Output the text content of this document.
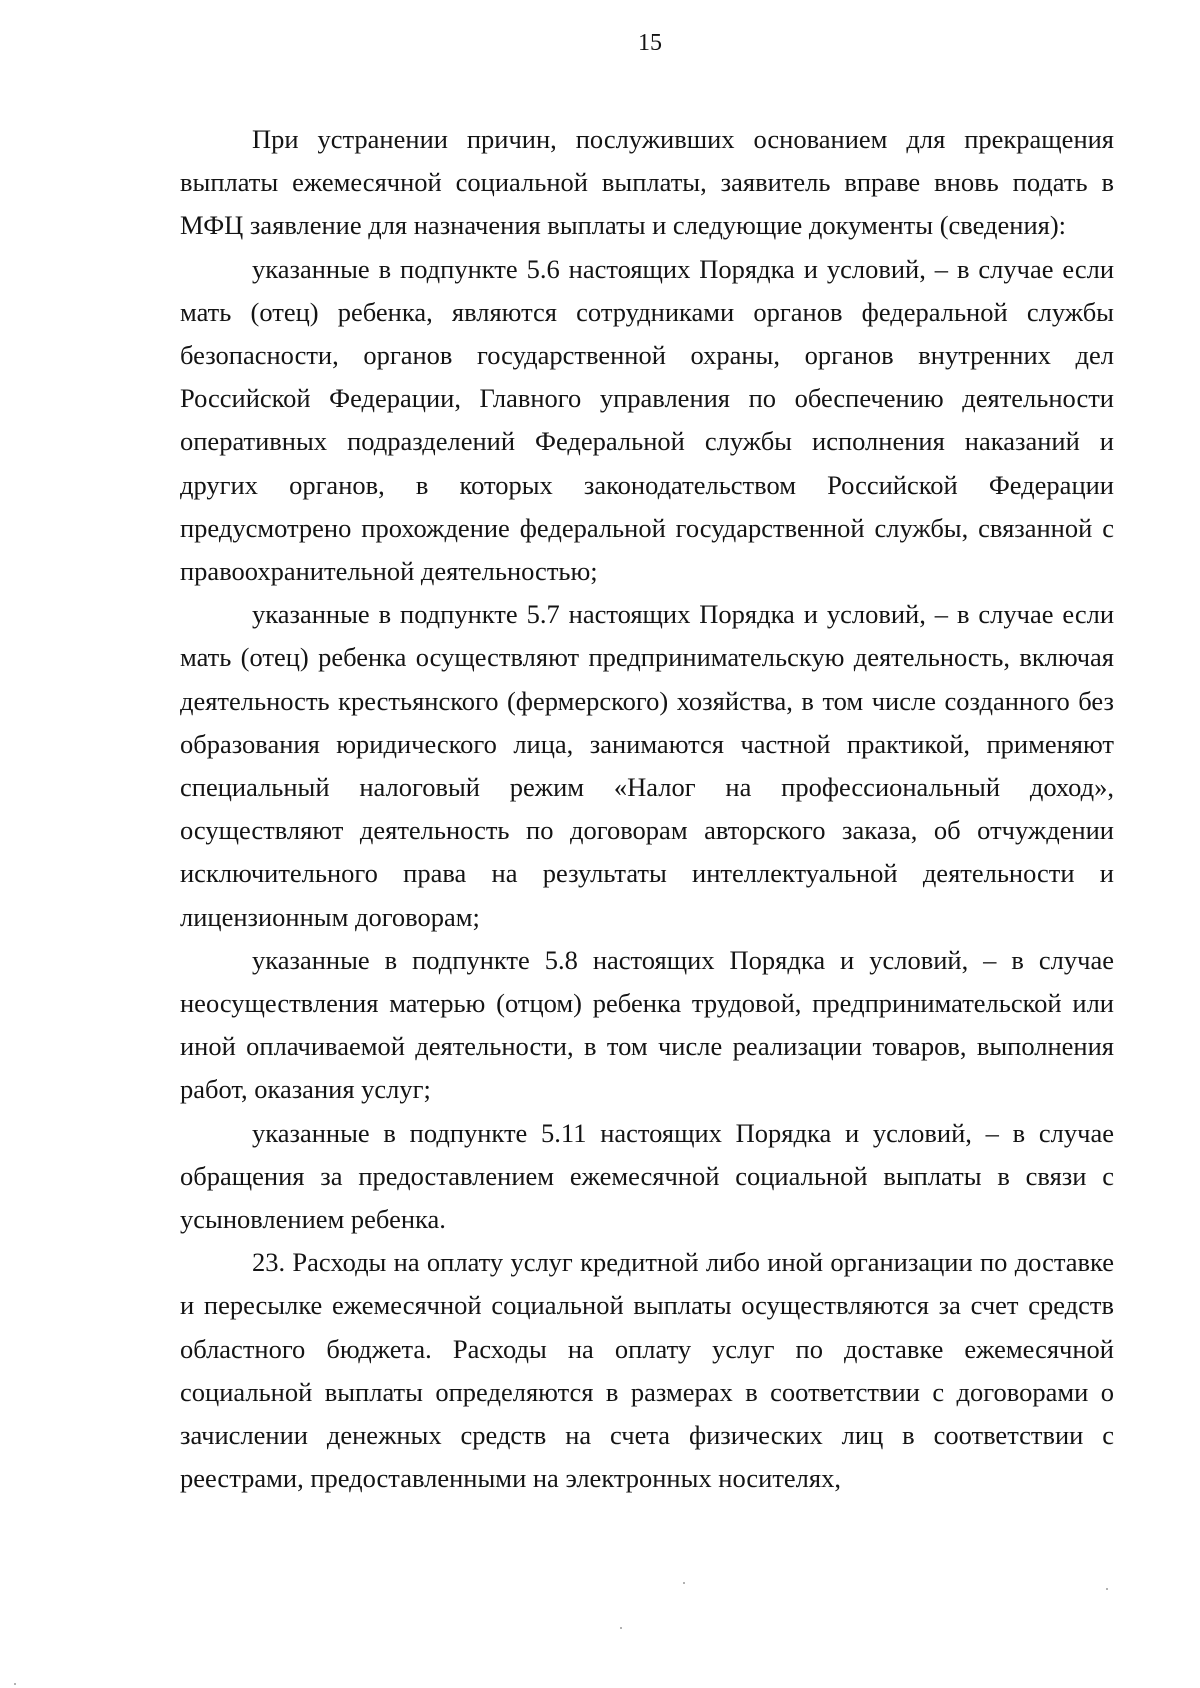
15

При устранении причин, послуживших основанием для прекращения выплаты ежемесячной социальной выплаты, заявитель вправе вновь подать в МФЦ заявление для назначения выплаты и следующие документы (сведения):

указанные в подпункте 5.6 настоящих Порядка и условий, – в случае если мать (отец) ребенка, являются сотрудниками органов федеральной службы безопасности, органов государственной охраны, органов внутренних дел Российской Федерации, Главного управления по обеспечению деятельности оперативных подразделений Федеральной службы исполнения наказаний и других органов, в которых законодательством Российской Федерации предусмотрено прохождение федеральной государственной службы, связанной с правоохранительной деятельностью;

указанные в подпункте 5.7 настоящих Порядка и условий, – в случае если мать (отец) ребенка осуществляют предпринимательскую деятельность, включая деятельность крестьянского (фермерского) хозяйства, в том числе созданного без образования юридического лица, занимаются частной практикой, применяют специальный налоговый режим «Налог на профессиональный доход», осуществляют деятельность по договорам авторского заказа, об отчуждении исключительного права на результаты интеллектуальной деятельности и лицензионным договорам;

указанные в подпункте 5.8 настоящих Порядка и условий, – в случае неосуществления матерью (отцом) ребенка трудовой, предпринимательской или иной оплачиваемой деятельности, в том числе реализации товаров, выполнения работ, оказания услуг;

указанные в подпункте 5.11 настоящих Порядка и условий, – в случае обращения за предоставлением ежемесячной социальной выплаты в связи с усыновлением ребенка.

23. Расходы на оплату услуг кредитной либо иной организации по доставке и пересылке ежемесячной социальной выплаты осуществляются за счет средств областного бюджета. Расходы на оплату услуг по доставке ежемесячной социальной выплаты определяются в размерах в соответствии с договорами о зачислении денежных средств на счета физических лиц в соответствии с реестрами, предоставленными на электронных носителях,
